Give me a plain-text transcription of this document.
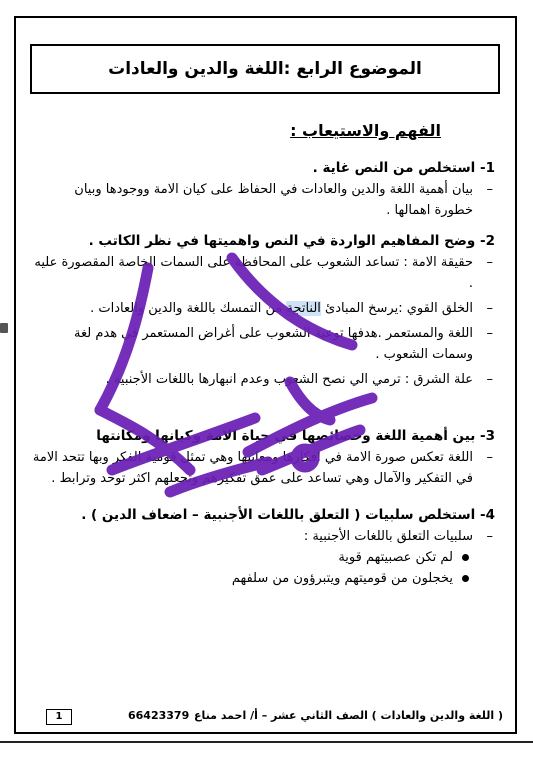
الموضوع الرابع :اللغة والدين والعادات
الفهم والاستيعاب :

1- استخلص من النص غاية .

–
بيان أهمية اللغة والدين والعادات في الحفاظ على كيان الامة ووجودها وبيان خطورة اهمالها .

2- وضح المفاهيم الواردة في النص واهميتها في نظر الكاتب .

–
حقيقة الامة : تساعد الشعوب على المحافظة على السمات الخاصة المقصورة عليه .

–
الخلق القوي :يرسخ المبادئ الناتجة من التمسك باللغة والدين والعادات .

–
اللغة والمستعمر .هدفها توعية الشعوب على أغراض المستعمر في هدم لغة وسمات الشعوب .

–
علة الشرق : ترمي الي نصح الشعوب وعدم انبهارها باللغات الأجنبية .

3- بين أهمية اللغة وخصائصها في حياة الامة وكيانها ومكانتها

–
اللغة تعكس صورة الامة في افكارها ومعانيها وهي تمثل قومية الفكر وبها تتحد الامة في التفكير والآمال وهي تساعد على عمق تفكيرهم وتجعلهم اكثر توحد وترابط .

4- استخلص سلبيات ( التعلق باللغات الأجنبية – اضعاف الدين ) .

–
سلبيات التعلق باللغات الأجنبية :

لم تكن عصبيتهم قوية

يخجلون من قوميتهم ويتبرؤون من سلفهم

( اللغة والدين والعادات ) الصف الثاني عشر – أ/ احمد مناع
66423379
1
